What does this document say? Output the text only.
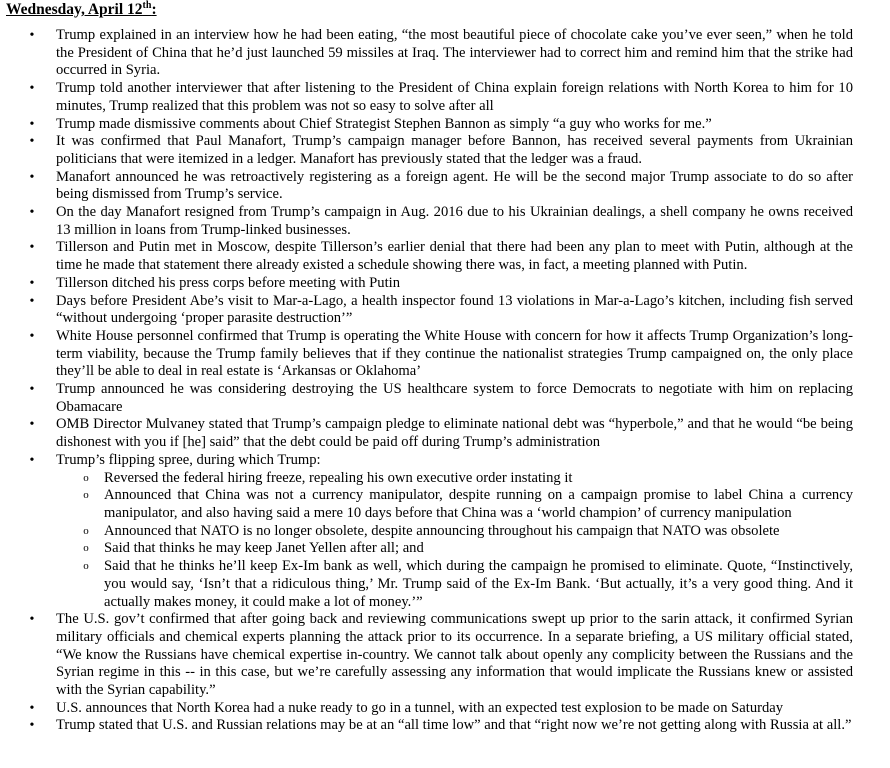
Wednesday, April 12th:
• Trump explained in an interview how he had been eating, “the most beautiful piece of chocolate cake you’ve ever seen,” when he told the President of China that he’d just launched 59 missiles at Iraq. The interviewer had to correct him and remind him that the strike had occurred in Syria.
• Trump told another interviewer that after listening to the President of China explain foreign relations with North Korea to him for 10 minutes, Trump realized that this problem was not so easy to solve after all
• Trump made dismissive comments about Chief Strategist Stephen Bannon as simply “a guy who works for me.”
• It was confirmed that Paul Manafort, Trump’s campaign manager before Bannon, has received several payments from Ukrainian politicians that were itemized in a ledger. Manafort has previously stated that the ledger was a fraud.
• Manafort announced he was retroactively registering as a foreign agent. He will be the second major Trump associate to do so after being dismissed from Trump’s service.
• On the day Manafort resigned from Trump’s campaign in Aug. 2016 due to his Ukrainian dealings, a shell company he owns received 13 million in loans from Trump-linked businesses.
• Tillerson and Putin met in Moscow, despite Tillerson’s earlier denial that there had been any plan to meet with Putin, although at the time he made that statement there already existed a schedule showing there was, in fact, a meeting planned with Putin.
• Tillerson ditched his press corps before meeting with Putin
• Days before President Abe’s visit to Mar-a-Lago, a health inspector found 13 violations in Mar-a-Lago’s kitchen, including fish served “without undergoing ‘proper parasite destruction’”
• White House personnel confirmed that Trump is operating the White House with concern for how it affects Trump Organization’s long-term viability, because the Trump family believes that if they continue the nationalist strategies Trump campaigned on, the only place they’ll be able to deal in real estate is ‘Arkansas or Oklahoma’
• Trump announced he was considering destroying the US healthcare system to force Democrats to negotiate with him on replacing Obamacare
• OMB Director Mulvaney stated that Trump’s campaign pledge to eliminate national debt was “hyperbole,” and that he would “be being dishonest with you if [he] said” that the debt could be paid off during Trump’s administration
• Trump’s flipping spree, during which Trump:
o Reversed the federal hiring freeze, repealing his own executive order instating it
o Announced that China was not a currency manipulator, despite running on a campaign promise to label China a currency manipulator, and also having said a mere 10 days before that China was a ‘world champion’ of currency manipulation
o Announced that NATO is no longer obsolete, despite announcing throughout his campaign that NATO was obsolete
o Said that thinks he may keep Janet Yellen after all; and
o Said that he thinks he’ll keep Ex-Im bank as well, which during the campaign he promised to eliminate. Quote, “Instinctively, you would say, ‘Isn’t that a ridiculous thing,’ Mr. Trump said of the Ex-Im Bank. ‘But actually, it’s a very good thing. And it actually makes money, it could make a lot of money.’”
• The U.S. gov’t confirmed that after going back and reviewing communications swept up prior to the sarin attack, it confirmed Syrian military officials and chemical experts planning the attack prior to its occurrence. In a separate briefing, a US military official stated, “We know the Russians have chemical expertise in-country. We cannot talk about openly any complicity between the Russians and the Syrian regime in this -- in this case, but we’re carefully assessing any information that would implicate the Russians knew or assisted with the Syrian capability.”
• U.S. announces that North Korea had a nuke ready to go in a tunnel, with an expected test explosion to be made on Saturday
• Trump stated that U.S. and Russian relations may be at an “all time low” and that “right now we’re not getting along with Russia at all.”
